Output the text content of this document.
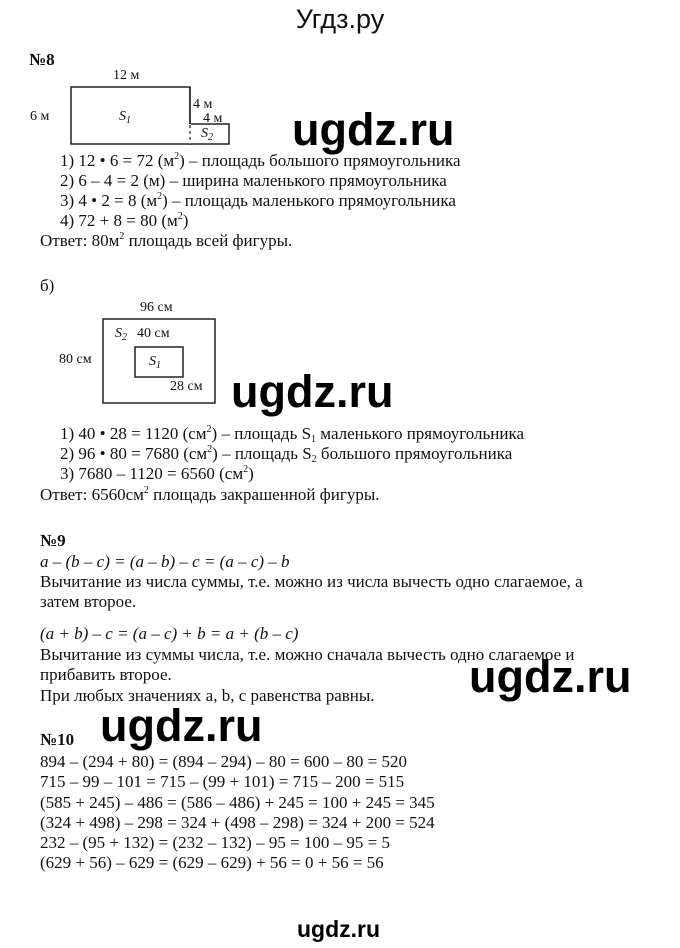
Угдз.ру
№8
12 м
6 м
4 м
4 м
$S_1$
$S_2$ ugdz.ru
1) 12 • 6 = 72 $(м^2)$ – площадь большого прямоугольника
2) 6 – 4 = 2 (м) – ширина маленького прямоугольника
3) 4 • 2 = 8 $(м^2)$ – площадь маленького прямоугольника
4) 72 + 8 = 80 $(м^2)$
Ответ: $80м^2$ площадь всей фигуры.
б)
96 см
$S_2$ 40 см
80 см	$S_1$
28 см ugdz.ru
1) 40 • 28 = 1120 $(см^2)$ – площадь $S_1$ маленького прямоугольника
2) 96 • 80 = 7680 $(см^2)$ – площадь $S_2$ большого прямоугольника
3) 7680 – 1120 = 6560 $(см^2)$
Ответ: $6560см^2$ площадь закрашенной фигуры.
№9
a – (b – c) = (a – b) – c = (a – c) – b
Вычитание из числа суммы, т.е. можно из числа вычесть одно слагаемое, а
затем второе.
(a + b) – c = (a – c) + b = a + (b – c)
Вычитание из суммы числа, т.е. можно сначала вычесть одно слагаемое и
прибавить второе.
При любых значениях a, b, c равенства равны. ugdz.ru
ugdz.ru
№10
894 – (294 + 80) = (894 – 294) – 80 = 600 – 80 = 520
715 – 99 – 101 = 715 – (99 + 101) = 715 – 200 = 515
(585 + 245) – 486 = (586 – 486) + 245 = 100 + 245 = 345
(324 + 498) – 298 = 324 + (498 – 298) = 324 + 200 = 524
232 – (95 + 132) = (232 – 132) – 95 = 100 – 95 = 5
(629 + 56) – 629 = (629 – 629) + 56 = 0 + 56 = 56
ugdz.ru
